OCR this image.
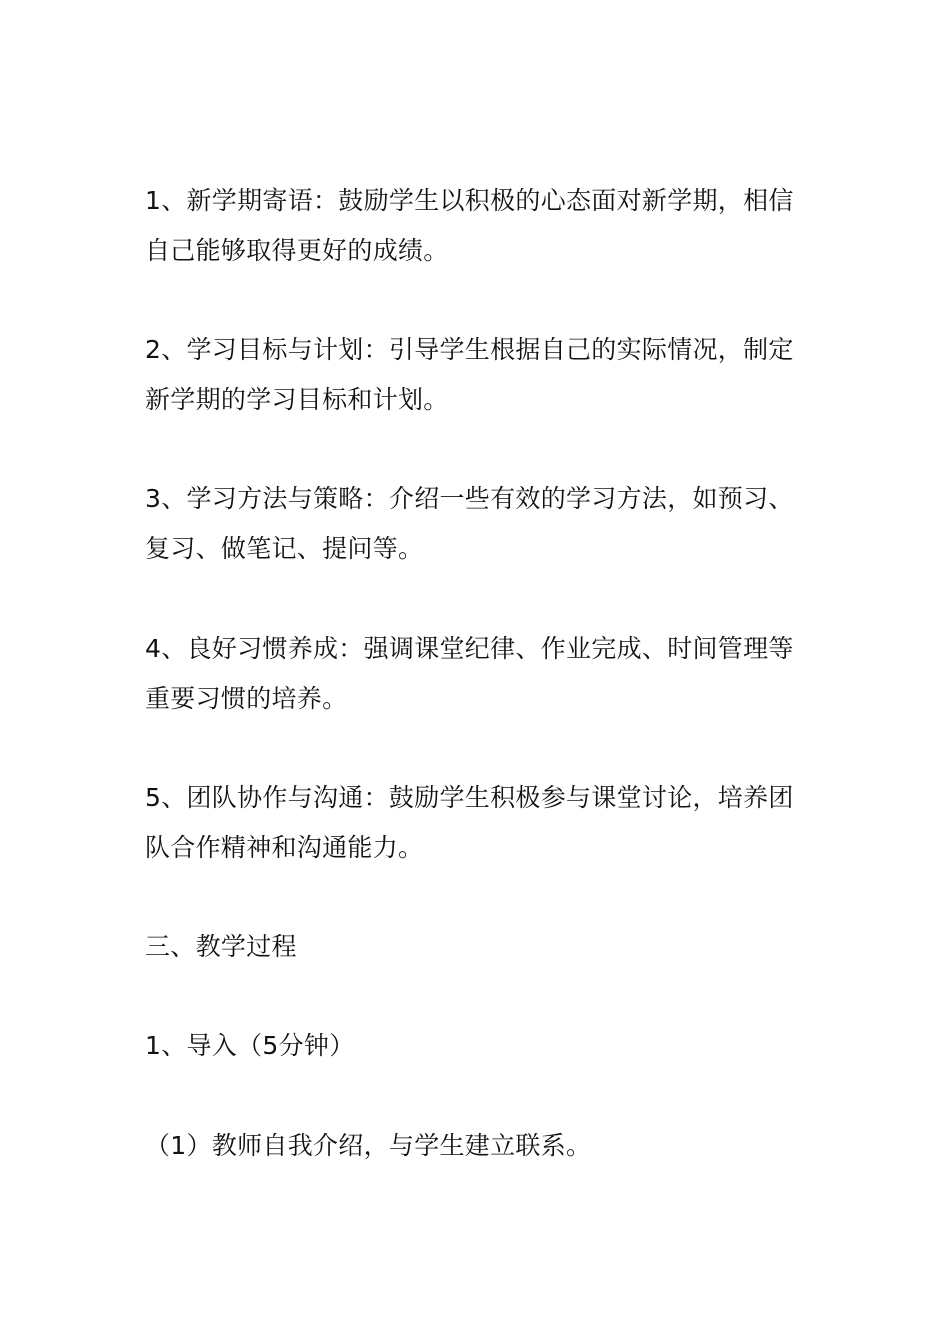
1、新学期寄语：鼓励学生以积极的心态面对新学期，相信
自己能够取得更好的成绩。
2、学习目标与计划：引导学生根据自己的实际情况，制定
新学期的学习目标和计划。
3、学习方法与策略：介绍一些有效的学习方法，如预习、
复习、做笔记、提问等。
4、良好习惯养成：强调课堂纪律、作业完成、时间管理等
重要习惯的培养。
5、团队协作与沟通：鼓励学生积极参与课堂讨论，培养团
队合作精神和沟通能力。
三、教学过程
1、导入（5分钟）
（1）教师自我介绍，与学生建立联系。
